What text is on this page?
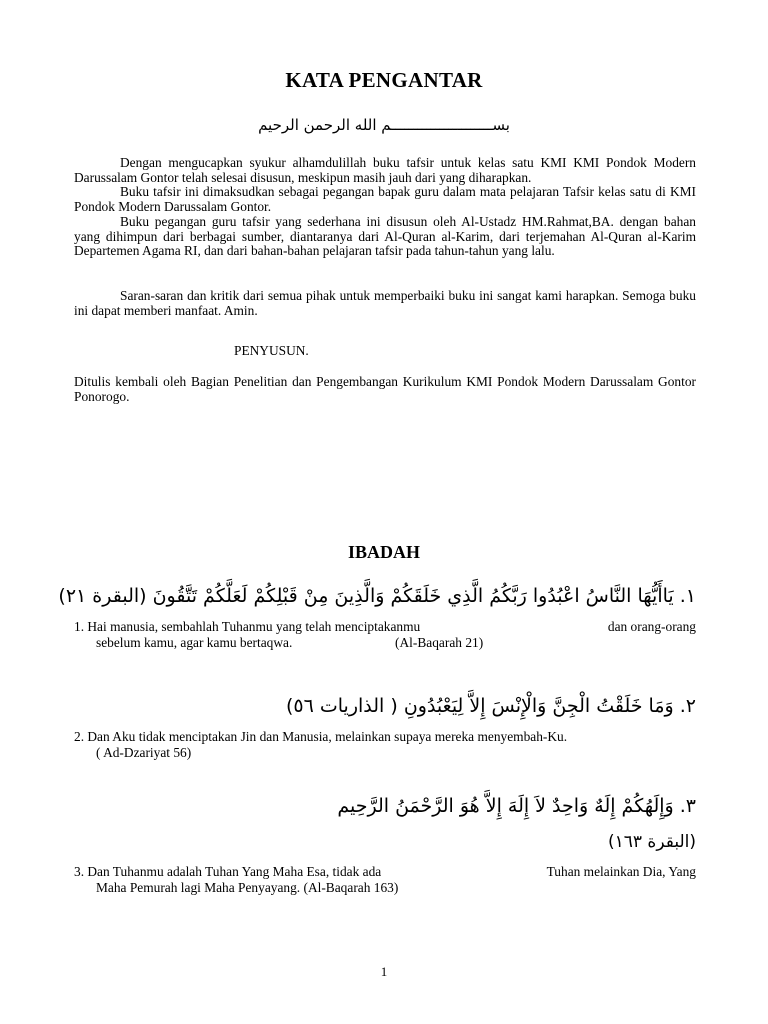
KATA PENGANTAR
بســـــــــــــــــــــــم الله الرحمن الرحيم
Dengan mengucapkan syukur alhamdulillah buku tafsir untuk kelas satu KMI KMI Pondok Modern Darussalam Gontor telah selesai disusun, meskipun masih jauh dari yang diharapkan.
Buku tafsir ini dimaksudkan sebagai pegangan bapak guru dalam mata pelajaran Tafsir kelas satu di KMI Pondok Modern Darussalam Gontor.
Buku pegangan guru tafsir yang sederhana ini disusun oleh Al-Ustadz HM.Rahmat,BA. dengan bahan yang dihimpun dari berbagai sumber, diantaranya dari Al-Quran al-Karim, dari terjemahan Al-Quran al-Karim Departemen Agama RI, dan dari bahan-bahan pelajaran tafsir pada tahun-tahun yang lalu.
Saran-saran dan kritik dari semua pihak untuk memperbaiki buku ini sangat kami harapkan. Semoga buku ini dapat memberi manfaat. Amin.
PENYUSUN.
Ditulis kembali oleh Bagian Penelitian dan Pengembangan Kurikulum KMI Pondok Modern Darussalam Gontor Ponorogo.
IBADAH
١. يَاأَيُّهَا النَّاسُ اعْبُدُوا رَبَّكُمُ الَّذِي خَلَقَكُمْ وَالَّذِينَ مِنْ قَبْلِكُمْ لَعَلَّكُمْ تَتَّقُونَ (البقرة ٢١)
1. Hai manusia, sembahlah Tuhanmu yang telah menciptakanmu	dan orang-orang
sebelum kamu, agar kamu bertaqwa.	(Al-Baqarah 21)
٢. وَمَا خَلَقْتُ الْجِنَّ وَالْإِنْسَ إِلاَّ لِيَعْبُدُونِ ( الذاريات ٥٦)
2. Dan Aku tidak menciptakan Jin dan Manusia, melainkan supaya mereka menyembah-Ku.
( Ad-Dzariyat 56)
٣. وَإِلَهُكُمْ إِلَهٌ وَاحِدٌ لاَ إِلَهَ إِلاَّ هُوَ الرَّحْمَنُ الرَّحِيم
(البقرة ١٦٣)
3. Dan Tuhanmu adalah Tuhan Yang Maha Esa, tidak ada	Tuhan melainkan Dia, Yang
Maha Pemurah lagi Maha Penyayang. (Al-Baqarah 163)
1
